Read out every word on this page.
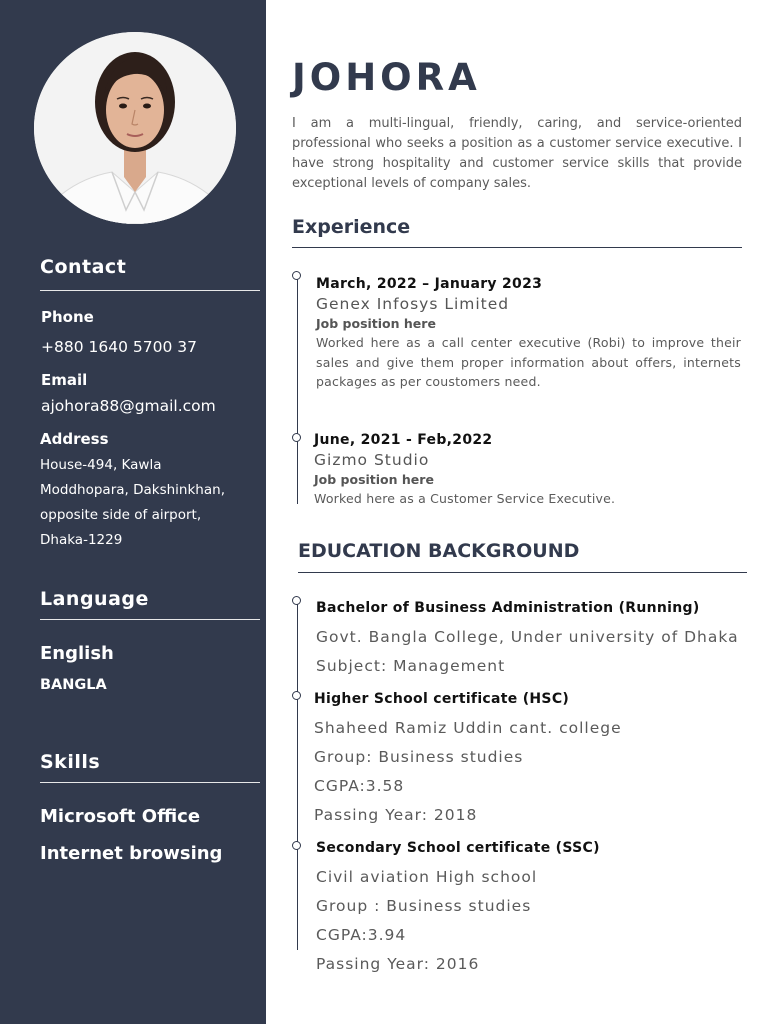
Contact
Phone
+880 1640 5700 37
Email
ajohora88@gmail.com
Address
House-494, Kawla
Moddhopara, Dakshinkhan,
opposite side of airport,
Dhaka-1229
Language
English
BANGLA
Skills
Microsoft Office
Internet browsing
JOHORA
I am a multi-lingual, friendly, caring, and service-oriented professional who seeks a position as a customer service executive. I have strong hospitality and customer service skills that provide exceptional levels of company sales.
Experience
March, 2022 – January 2023
Genex Infosys Limited
Job position here
Worked here as a call center executive (Robi) to improve their sales and give them proper information about offers, internets packages as per coustomers need.
June, 2021 - Feb,2022
Gizmo Studio
Job position here
Worked here as a Customer Service Executive.
EDUCATION BACKGROUND
Bachelor of Business Administration (Running)
Govt. Bangla College, Under university of Dhaka
Subject: Management
Higher School certificate (HSC)
Shaheed Ramiz Uddin cant. college
Group: Business studies
CGPA:3.58
Passing Year: 2018
Secondary School certificate (SSC)
Civil aviation High school
Group : Business studies
CGPA:3.94
Passing Year: 2016
